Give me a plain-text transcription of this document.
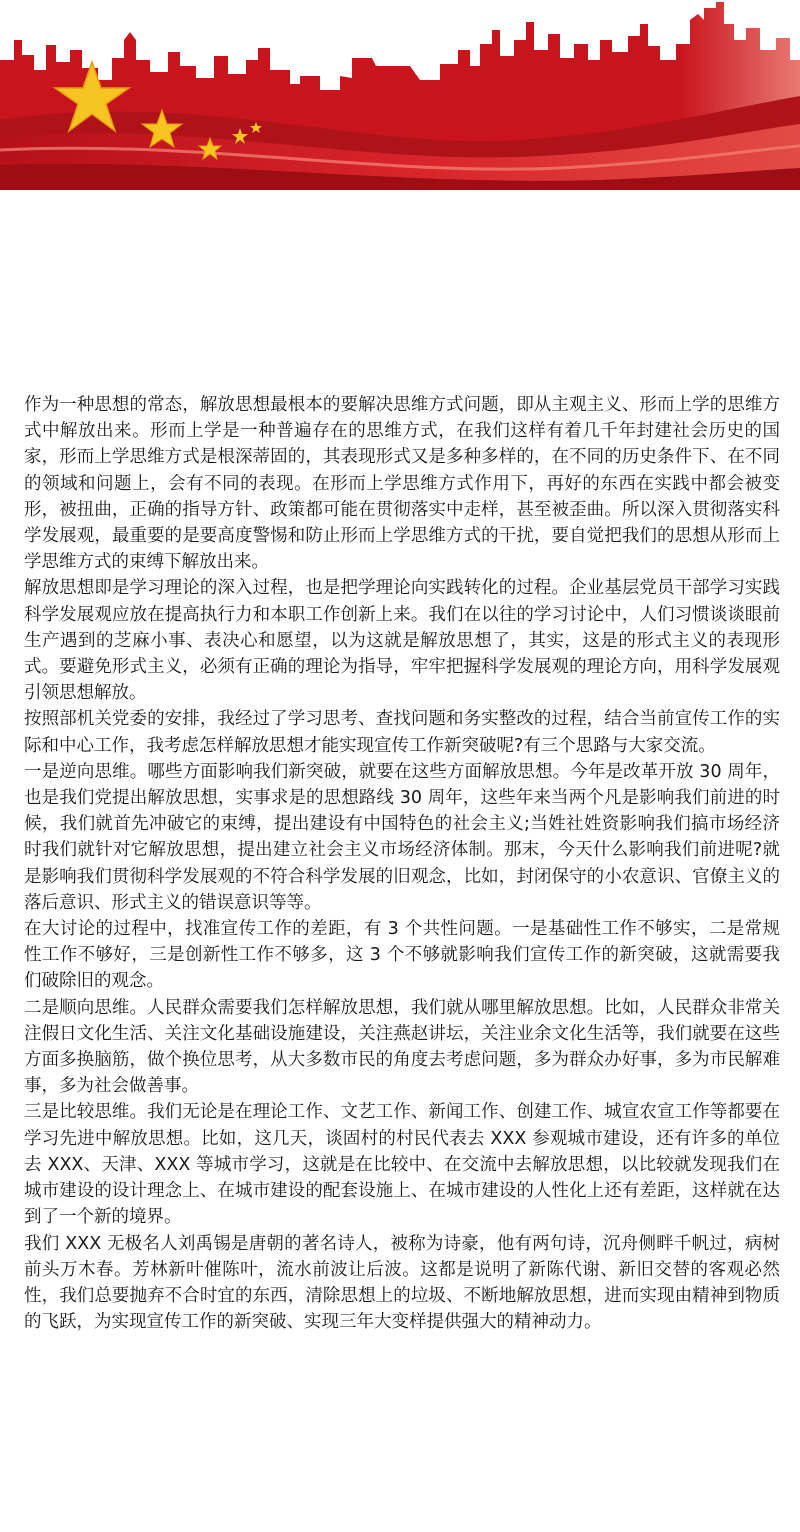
作为一种思想的常态，解放思想最根本的要解决思维方式问题，即从主观主义、形而上学的思维方式中解放出来。形而上学是一种普遍存在的思维方式，在我们这样有着几千年封建社会历史的国家，形而上学思维方式是根深蒂固的，其表现形式又是多种多样的，在不同的历史条件下、在不同的领域和问题上，会有不同的表现。在形而上学思维方式作用下，再好的东西在实践中都会被变形，被扭曲，正确的指导方针、政策都可能在贯彻落实中走样，甚至被歪曲。所以深入贯彻落实科学发展观，最重要的是要高度警惕和防止形而上学思维方式的干扰，要自觉把我们的思想从形而上学思维方式的束缚下解放出来。

解放思想即是学习理论的深入过程，也是把学理论向实践转化的过程。企业基层党员干部学习实践科学发展观应放在提高执行力和本职工作创新上来。我们在以往的学习讨论中，人们习惯谈谈眼前生产遇到的芝麻小事、表决心和愿望，以为这就是解放思想了，其实，这是的形式主义的表现形式。要避免形式主义，必须有正确的理论为指导，牢牢把握科学发展观的理论方向，用科学发展观引领思想解放。

按照部机关党委的安排，我经过了学习思考、查找问题和务实整改的过程，结合当前宣传工作的实际和中心工作，我考虑怎样解放思想才能实现宣传工作新突破呢?有三个思路与大家交流。

一是逆向思维。哪些方面影响我们新突破，就要在这些方面解放思想。今年是改革开放 30 周年，也是我们党提出解放思想，实事求是的思想路线 30 周年，这些年来当两个凡是影响我们前进的时候，我们就首先冲破它的束缚，提出建设有中国特色的社会主义;当姓社姓资影响我们搞市场经济时我们就针对它解放思想，提出建立社会主义市场经济体制。那末，今天什么影响我们前进呢?就是影响我们贯彻科学发展观的不符合科学发展的旧观念，比如，封闭保守的小农意识、官僚主义的落后意识、形式主义的错误意识等等。

在大讨论的过程中，找准宣传工作的差距，有 3 个共性问题。一是基础性工作不够实，二是常规性工作不够好，三是创新性工作不够多，这 3 个不够就影响我们宣传工作的新突破，这就需要我们破除旧的观念。

二是顺向思维。人民群众需要我们怎样解放思想，我们就从哪里解放思想。比如，人民群众非常关注假日文化生活、关注文化基础设施建设，关注燕赵讲坛，关注业余文化生活等，我们就要在这些方面多换脑筋，做个换位思考，从大多数市民的角度去考虑问题，多为群众办好事，多为市民解难事，多为社会做善事。

三是比较思维。我们无论是在理论工作、文艺工作、新闻工作、创建工作、城宣农宣工作等都要在学习先进中解放思想。比如，这几天，谈固村的村民代表去 XXX 参观城市建设，还有许多的单位去 XXX、天津、XXX 等城市学习，这就是在比较中、在交流中去解放思想，以比较就发现我们在城市建设的设计理念上、在城市建设的配套设施上、在城市建设的人性化上还有差距，这样就在达到了一个新的境界。

我们 XXX 无极名人刘禹锡是唐朝的著名诗人，被称为诗豪，他有两句诗，沉舟侧畔千帆过，病树前头万木春。芳林新叶催陈叶，流水前波让后波。这都是说明了新陈代谢、新旧交替的客观必然性，我们总要抛弃不合时宜的东西，清除思想上的垃圾、不断地解放思想，进而实现由精神到物质的飞跃，为实现宣传工作的新突破、实现三年大变样提供强大的精神动力。
